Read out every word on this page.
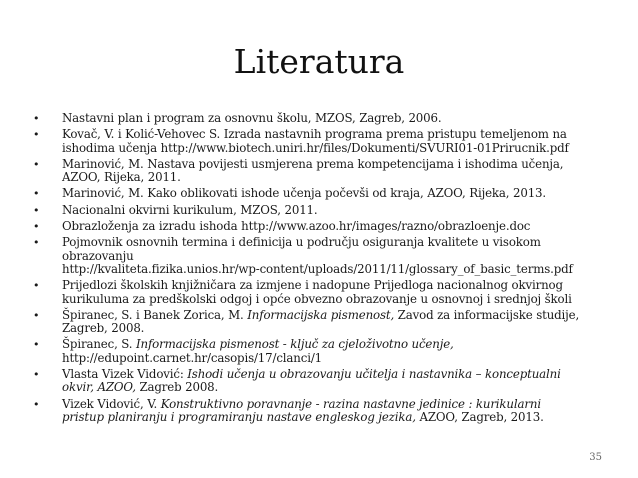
Literatura
• Nastavni plan i program za osnovnu školu, MZOS, Zagreb, 2006.
• Kovač, V. i Kolić-Vehovec S. Izrada nastavnih programa prema pristupu temeljenom na
ishodima učenja http://www.biotech.uniri.hr/files/Dokumenti/SVURI01-01Prirucnik.pdf
• Marinović, M. Nastava povijesti usmjerena prema kompetencijama i ishodima učenja,
AZOO, Rijeka, 2011.
• Marinović, M. Kako oblikovati ishode učenja počevši od kraja, AZOO, Rijeka, 2013.
• Nacionalni okvirni kurikulum, MZOS, 2011.
• Obrazloženja za izradu ishoda http://www.azoo.hr/images/razno/obrazloenje.doc
• Pojmovnik osnovnih termina i definicija u području osiguranja kvalitete u visokom
obrazovanju
http://kvaliteta.fizika.unios.hr/wp-content/uploads/2011/11/glossary_of_basic_terms.pdf
• Prijedlozi školskih knjižničara za izmjene i nadopune Prijedloga nacionalnog okvirnog
kurikuluma za predškolski odgoj i opće obvezno obrazovanje u osnovnoj i srednjoj školi
• Špiranec, S. i Banek Zorica, M. Informacijska pismenost, Zavod za informacijske studije,
Zagreb, 2008.
• Špiranec, S. Informacijska pismenost - ključ za cjeloživotno učenje,
http://edupoint.carnet.hr/casopis/17/clanci/1
• Vlasta Vizek Vidović: Ishodi učenja u obrazovanju učitelja i nastavnika – konceptualni
okvir, AZOO, Zagreb 2008.
• Vizek Vidović, V. Konstruktivno poravnanje - razina nastavne jedinice : kurikularni
pristup planiranju i programiranju nastave engleskog jezika, AZOO, Zagreb, 2013.
35
